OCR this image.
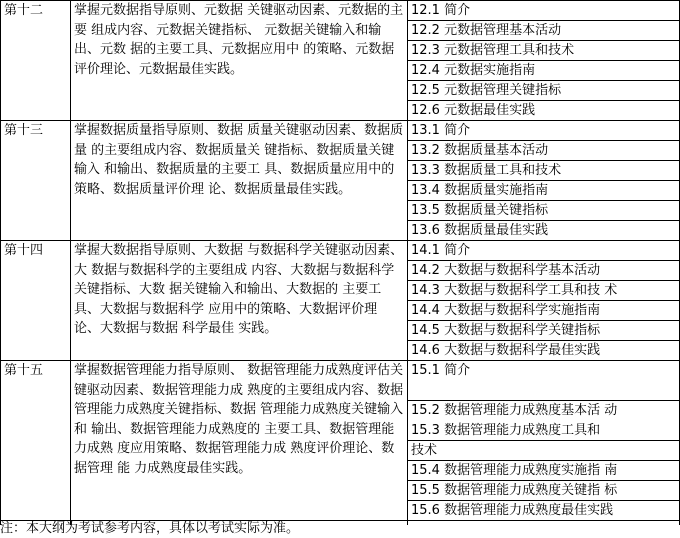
第十二	掌握元数据指导原则、元数据 关键驱动因素、元数据的主要 组成内容、元数据关键指标、 元数据关键输入和输出、元数 据的主要工具、元数据应用中 的策略、元数据评价理论、元数据最佳实践。
12.1 简介
12.2 元数据管理基本活动
12.3 元数据管理工具和技术
12.4 元数据实施指南
12.5 元数据管理关键指标
12.6 元数据最佳实践
第十三	掌握数据质量指导原则、数据 质量关键驱动因素、数据质量 的主要组成内容、数据质量关 键指标、数据质量关键输入 和输出、数据质量的主要工 具、数据质量应用中的策略、数据质量评价理 论、数据质量最佳实践。
13.1 简介
13.2 数据质量基本活动
13.3 数据质量工具和技术
13.4 数据质量实施指南
13.5 数据质量关键指标
13.6 数据质量最佳实践
第十四	掌握大数据指导原则、大数据 与数据科学关键驱动因素、大 数据与数据科学的主要组成 内容、大数据与数据科学关键指标、大数 据关键输入和输出、大数据的 主要工具、大数据与数据科学 应用中的策略、大数据评价理 论、大数据与数据 科学最佳 实践。
14.1 简介
14.2 大数据与数据科学基本活动
14.3 大数据与数据科学工具和技 术
14.4 大数据与数据科学实施指南
14.5 大数据与数据科学关键指标
14.6 大数据与数据科学最佳实践
第十五	掌握数据管理能力指导原则、 数据管理能力成熟度评估关 键驱动因素、数据管理能力成 熟度的主要组成内容、数据管理能力成熟度关键指标、数据 管理能力成熟度关键输入和 输出、数据管理能力成熟度的 主要工具、数据管理能力成熟 度应用策略、数据管理能力成 熟度评价理论、数据管理 能 力成熟度最佳实践。
15.1 简介
15.2 数据管理能力成熟度基本活 动
15.3 数据管理能力成熟度工具和
技术
15.4 数据管理能力成熟度实施指 南
15.5 数据管理能力成熟度关键指 标
15.6 数据管理能力成熟度最佳实践
注：本大纲为考试参考内容，具体以考试实际为准。
